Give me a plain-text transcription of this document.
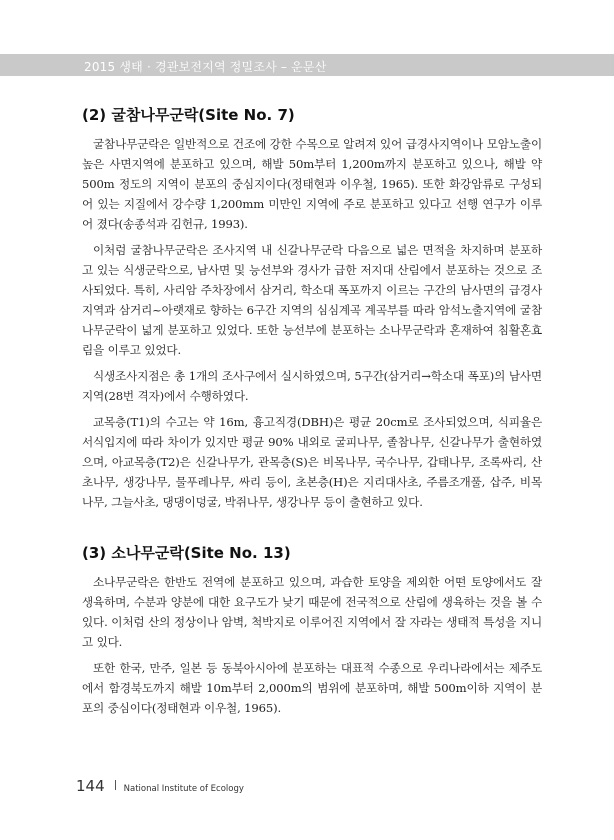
2015 생태 · 경관보전지역 정밀조사 – 운문산
(2) 굴참나무군락(Site No. 7)

굴참나무군락은 일반적으로 건조에 강한 수목으로 알려져 있어 급경사지역이나 모암노출이 높은 사면지역에 분포하고 있으며, 해발 50m부터 1,200m까지 분포하고 있으나, 해발 약 500m 정도의 지역이 분포의 중심지이다(정태현과 이우철, 1965). 또한 화강암류로 구성되어 있는 지질에서 강수량 1,200mm 미만인 지역에 주로 분포하고 있다고 선행 연구가 이루어 졌다(송종석과 김헌규, 1993).

이처럼 굴참나무군락은 조사지역 내 신갈나무군락 다음으로 넓은 면적을 차지하며 분포하고 있는 식생군락으로, 남사면 및 능선부와 경사가 급한 저지대 산림에서 분포하는 것으로 조사되었다. 특히, 사리암 주차장에서 삼거리, 학소대 폭포까지 이르는 구간의 남사면의 급경사 지역과 삼거리~아랫재로 향하는 6구간 지역의 심심계곡 계곡부를 따라 암석노출지역에 굴참나무군락이 넓게 분포하고 있었다. 또한 능선부에 분포하는 소나무군락과 혼재하여 침활혼효림을 이루고 있었다.

식생조사지점은 총 1개의 조사구에서 실시하였으며, 5구간(삼거리→학소대 폭포)의 남사면 지역(28번 격자)에서 수행하였다.

교목층(T1)의 수고는 약 16m, 흉고직경(DBH)은 평균 20cm로 조사되었으며, 식피율은 서식입지에 따라 차이가 있지만 평균 90% 내외로 굴피나무, 졸참나무, 신갈나무가 출현하였으며, 아교목층(T2)은 신갈나무가, 관목층(S)은 비목나무, 국수나무, 갑태나무, 조록싸리, 산초나무, 생강나무, 물푸레나무, 싸리 등이, 초본층(H)은 지리대사초, 주름조개풀, 삽주, 비목나무, 그늘사초, 댕댕이덩굴, 박쥐나무, 생강나무 등이 출현하고 있다.

(3) 소나무군락(Site No. 13)

소나무군락은 한반도 전역에 분포하고 있으며, 과습한 토양을 제외한 어떤 토양에서도 잘 생육하며, 수분과 양분에 대한 요구도가 낮기 때문에 전국적으로 산림에 생육하는 것을 볼 수 있다. 이처럼 산의 정상이나 암벽, 척박지로 이루어진 지역에서 잘 자라는 생태적 특성을 지니고 있다.

또한 한국, 만주, 일본 등 동북아시아에 분포하는 대표적 수종으로 우리나라에서는 제주도에서 함경북도까지 해발 10m부터 2,000m의 범위에 분포하며, 해발 500m이하 지역이 분포의 중심이다(정태현과 이우철, 1965).

144 National Institute of Ecology
